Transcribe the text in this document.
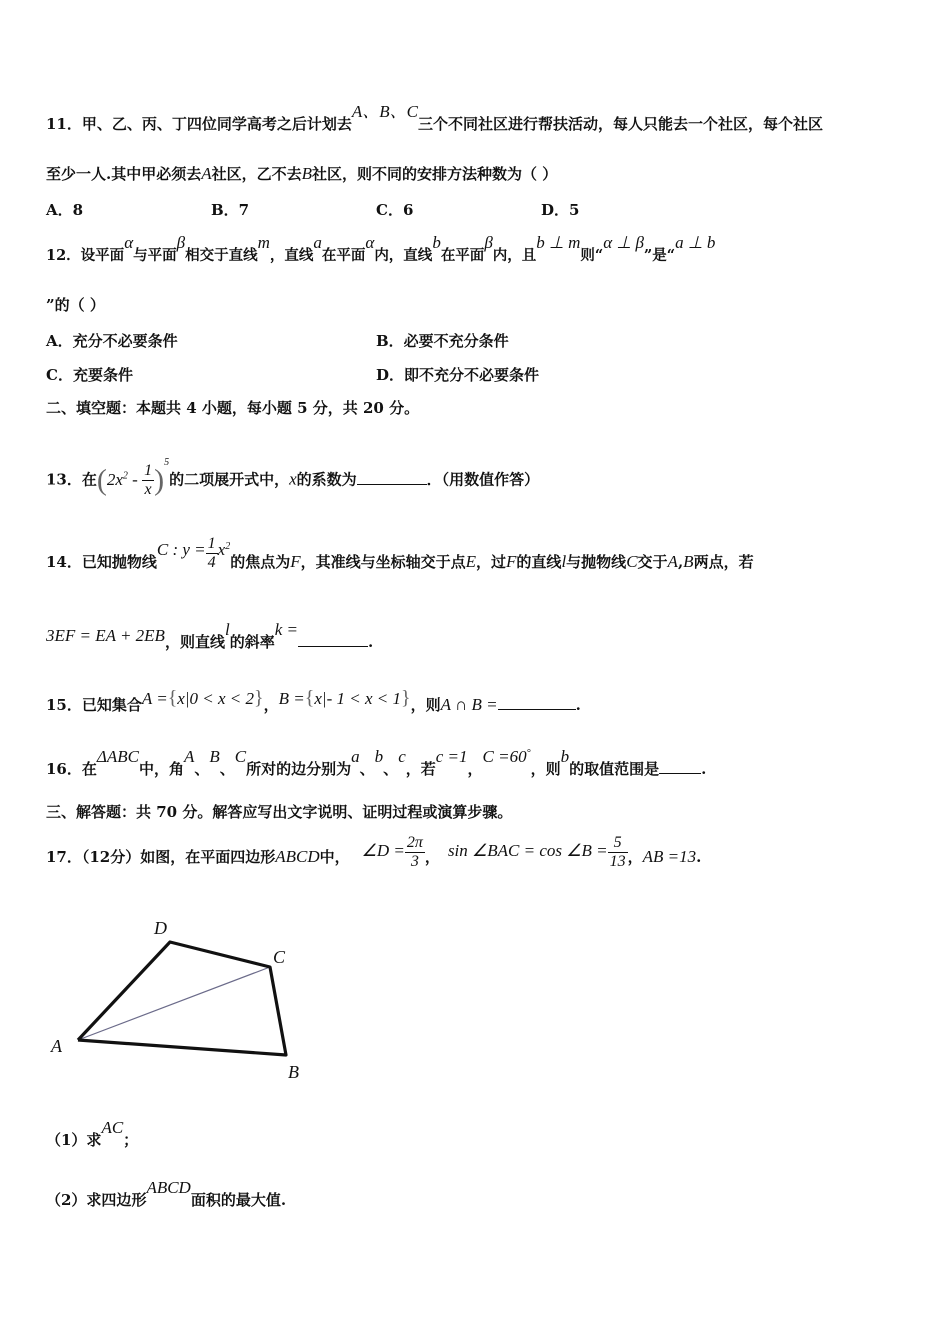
11．甲、乙、丙、丁四位同学高考之后计划去A、B、C三个不同社区进行帮扶活动，每人只能去一个社区，每个社区
至少一人.其中甲必须去A社区，乙不去B社区，则不同的安排方法种数为（ ）
A．8	B．7	C．6	D．5
12．设平面α与平面β相交于直线m，直线a在平面α内，直线b在平面β内，且b ⊥ m则“α ⊥ β”是“a ⊥ b
”的（ ）
A．充分不必要条件	B．必要不充分条件
C．充要条件	D．即不充分不必要条件
二、填空题：本题共 4 小题，每小题 5 分，共 20 分。
13．在$(2x^2 - \frac{1}{x} )^5$的二项展开式中，x的系数为	．（用数值作答）
14．已知抛物线C : $y = \frac{1}{4} x^2$的焦点为F，其准线与坐标轴交于点E，过F的直线l与抛物线C交于A,B两点，若
3EF = EA + 2EB，则直线l的斜率k =.
15．已知集合A ={x|0 < x < 2}，B ={x|- 1 < x < 1}，则A ∩ B =	.
16．在ΔABC中，角A、B、C所对的边分别为a、b、c，若c =1，C =60°，则b的取值范围是	.
三、解答题：共 70 分。解答应写出文字说明、证明过程或演算步骤。
17．（12分）如图，在平面四边形ABCD中， ∠D = $\frac{2\pi}{3}$ ， sin ∠BAC = cos ∠B = $\frac{5}{13}$ ，AB =13.
D
C
A
B
（1）求AC；
（2）求四边形ABCD面积的最大值.
